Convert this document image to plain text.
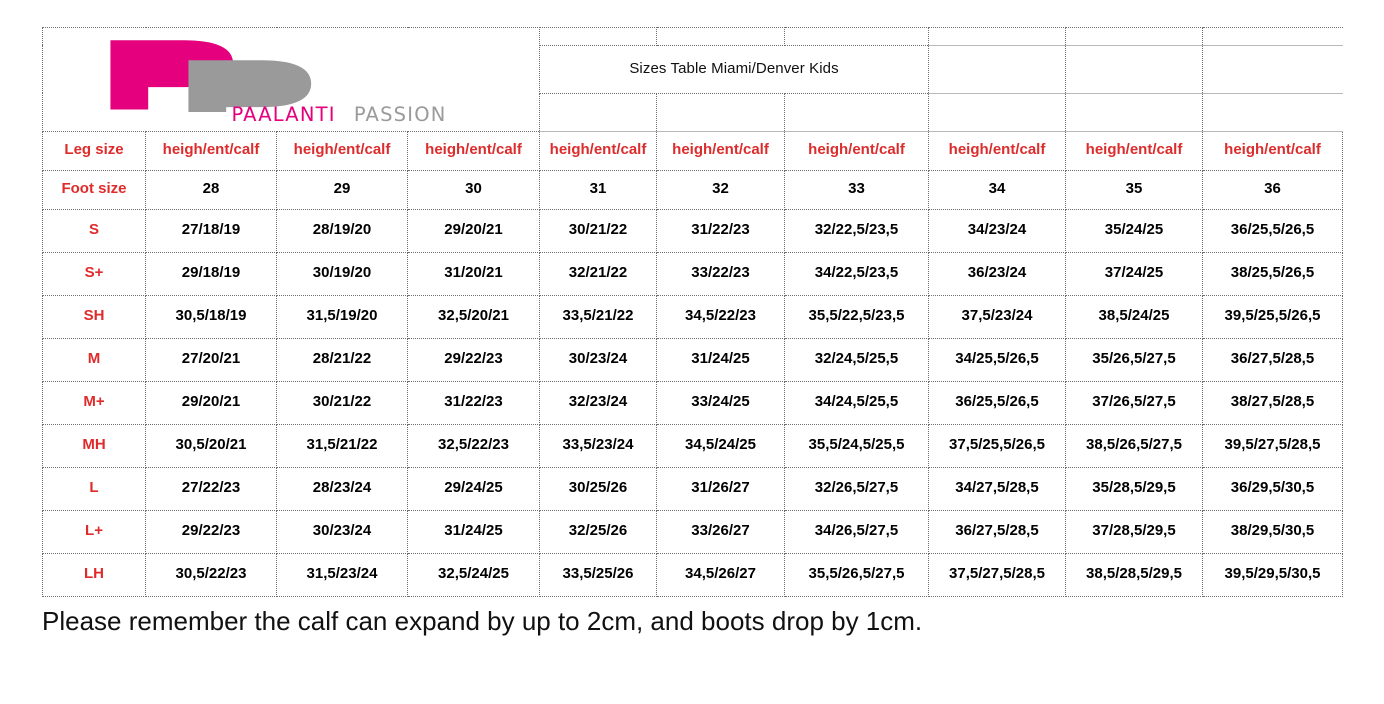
PAALANTI PASSION									

				Sizes Table Miami/Denver Kids					

Leg size	heigh/ent/calf	heigh/ent/calf	heigh/ent/calf	heigh/ent/calf	heigh/ent/calf	heigh/ent/calf	heigh/ent/calf	heigh/ent/calf	heigh/ent/calf
Foot size	28	29	30	31	32	33	34	35	36
S	27/18/19	28/19/20	29/20/21	30/21/22	31/22/23	32/22,5/23,5	34/23/24	35/24/25	36/25,5/26,5
S+	29/18/19	30/19/20	31/20/21	32/21/22	33/22/23	34/22,5/23,5	36/23/24	37/24/25	38/25,5/26,5
SH	30,5/18/19	31,5/19/20	32,5/20/21	33,5/21/22	34,5/22/23	35,5/22,5/23,5	37,5/23/24	38,5/24/25	39,5/25,5/26,5
M	27/20/21	28/21/22	29/22/23	30/23/24	31/24/25	32/24,5/25,5	34/25,5/26,5	35/26,5/27,5	36/27,5/28,5
M+	29/20/21	30/21/22	31/22/23	32/23/24	33/24/25	34/24,5/25,5	36/25,5/26,5	37/26,5/27,5	38/27,5/28,5
MH	30,5/20/21	31,5/21/22	32,5/22/23	33,5/23/24	34,5/24/25	35,5/24,5/25,5	37,5/25,5/26,5	38,5/26,5/27,5	39,5/27,5/28,5
L	27/22/23	28/23/24	29/24/25	30/25/26	31/26/27	32/26,5/27,5	34/27,5/28,5	35/28,5/29,5	36/29,5/30,5
L+	29/22/23	30/23/24	31/24/25	32/25/26	33/26/27	34/26,5/27,5	36/27,5/28,5	37/28,5/29,5	38/29,5/30,5
LH	30,5/22/23	31,5/23/24	32,5/24/25	33,5/25/26	34,5/26/27	35,5/26,5/27,5	37,5/27,5/28,5	38,5/28,5/29,5	39,5/29,5/30,5
Please remember the calf can expand by up to 2cm, and boots drop by 1cm.
